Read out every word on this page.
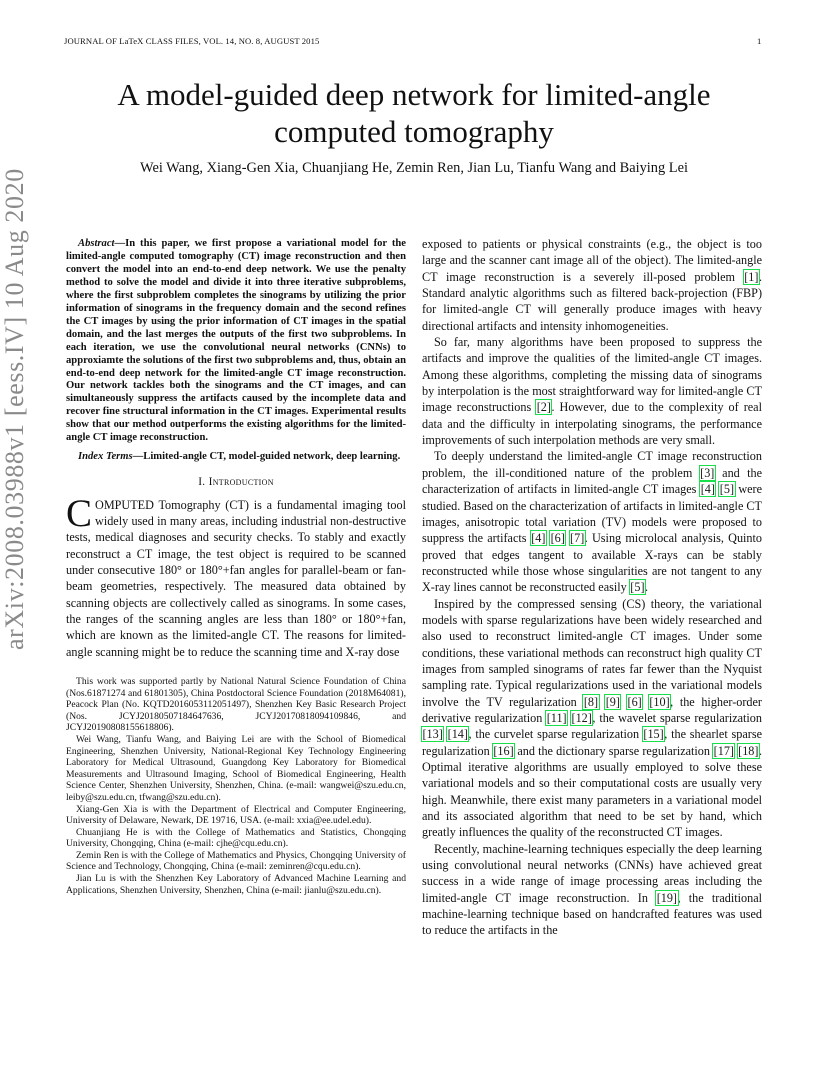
JOURNAL OF LaTeX CLASS FILES, VOL. 14, NO. 8, AUGUST 2015	1
A model-guided deep network for limited-angle
computed tomography
Wei Wang, Xiang-Gen Xia, Chuanjiang He, Zemin Ren, Jian Lu, Tianfu Wang and Baiying Lei
arXiv:2008.03988v1 [eess.IV] 10 Aug 2020	Abstract—In this paper, we first propose a variational model for the limited-angle computed tomography (CT) image reconstruction and then convert the model into an end-to-end deep network. We use the penalty method to solve the model and divide it into three iterative subproblems, where the first subproblem completes the sinograms by utilizing the prior information of sinograms in the frequency domain and the second refines the CT images by using the prior information of CT images in the spatial domain, and the last merges the outputs of the first two subproblems. In each iteration, we use the convolutional neural networks (CNNs) to approxiamte the solutions of the first two subproblems and, thus, obtain an end-to-end deep network for the limited-angle CT image reconstruction. Our network tackles both the sinograms and the CT images, and can simultaneously suppress the artifacts caused by the incomplete data and recover fine structural information in the CT images. Experimental results show that our method outperforms the existing algorithms for the limited-angle CT image reconstruction.

Index Terms—Limited-angle CT, model-guided network, deep learning.

I. Introduction
C OMPUTED Tomography (CT) is a fundamental imaging tool widely used in many areas, including industrial non-destructive tests, medical diagnoses and security checks. To stably and exactly reconstruct a CT image, the test object is required to be scanned under consecutive 180° or 180°+fan angles for parallel-beam or fan-beam geometries, respectively. The measured data obtained by scanning objects are collectively called as sinograms. In some cases, the ranges of the scanning angles are less than 180° or 180°+fan, which are known as the limited-angle CT. The reasons for limited-angle scanning might be to reduce the scanning time and X-ray dose

This work was supported partly by National Natural Science Foundation of China (Nos.61871274 and 61801305), China Postdoctoral Science Foundation (2018M64081), Peacock Plan (No. KQTD2016053112051497), Shenzhen Key Basic Research Project (Nos. JCYJ20180507184647636, JCYJ20170818094109846, and JCYJ20190808155618806).

Wei Wang, Tianfu Wang, and Baiying Lei are with the School of Biomedical Engineering, Shenzhen University, National-Regional Key Technology Engineering Laboratory for Medical Ultrasound, Guangdong Key Laboratory for Biomedical Measurements and Ultrasound Imaging, School of Biomedical Engineering, Health Science Center, Shenzhen University, Shenzhen, China. (e-mail: wangwei@szu.edu.cn, leiby@szu.edu.cn, tfwang@szu.edu.cn).

Xiang-Gen Xia is with the Department of Electrical and Computer Engineering, University of Delaware, Newark, DE 19716, USA. (e-mail: xxia@ee.udel.edu).

Chuanjiang He is with the College of Mathematics and Statistics, Chongqing University, Chongqing, China (e-mail: cjhe@cqu.edu.cn).

Zemin Ren is with the College of Mathematics and Physics, Chongqing University of Science and Technology, Chongqing, China (e-mail: zeminren@cqu.edu.cn).

Jian Lu is with the Shenzhen Key Laboratory of Advanced Machine Learning and Applications, Shenzhen University, Shenzhen, China (e-mail: jianlu@szu.edu.cn).

exposed to patients or physical constraints (e.g., the object is too large and the scanner cant image all of the object). The limited-angle CT image reconstruction is a severely ill-posed problem [1]. Standard analytic algorithms such as filtered back-projection (FBP) for limited-angle CT will generally produce images with heavy directional artifacts and intensity inhomogeneities.

So far, many algorithms have been proposed to suppress the artifacts and improve the qualities of the limited-angle CT images. Among these algorithms, completing the missing data of sinograms by interpolation is the most straightforward way for limited-angle CT image reconstructions [2]. However, due to the complexity of real data and the difficulty in interpolating sinograms, the performance improvements of such interpolation methods are very small.

To deeply understand the limited-angle CT image reconstruction problem, the ill-conditioned nature of the problem [3] and the characterization of artifacts in limited-angle CT images [4] [5] were studied. Based on the characterization of artifacts in limited-angle CT images, anisotropic total variation (TV) models were proposed to suppress the artifacts [4] [6] [7]. Using microlocal analysis, Quinto proved that edges tangent to available X-rays can be stably reconstructed while those whose singularities are not tangent to any X-ray lines cannot be reconstructed easily [5].

Inspired by the compressed sensing (CS) theory, the variational models with sparse regularizations have been widely researched and also used to reconstruct limited-angle CT images. Under some conditions, these variational methods can reconstruct high quality CT images from sampled sinograms of rates far fewer than the Nyquist sampling rate. Typical regularizations used in the variational models involve the TV regularization [8] [9] [6] [10], the higher-order derivative regularization [11] [12], the wavelet sparse regularization [13] [14], the curvelet sparse regularization [15], the shearlet sparse regularization [16] and the dictionary sparse regularization [17] [18]. Optimal iterative algorithms are usually employed to solve these variational models and so their computational costs are usually very high. Meanwhile, there exist many parameters in a variational model and its associated algorithm that need to be set by hand, which greatly influences the quality of the reconstructed CT images.

Recently, machine-learning techniques especially the deep learning using convolutional neural networks (CNNs) have achieved great success in a wide range of image processing areas including the limited-angle CT image reconstruction. In [19], the traditional machine-learning technique based on handcrafted features was used to reduce the artifacts in the
